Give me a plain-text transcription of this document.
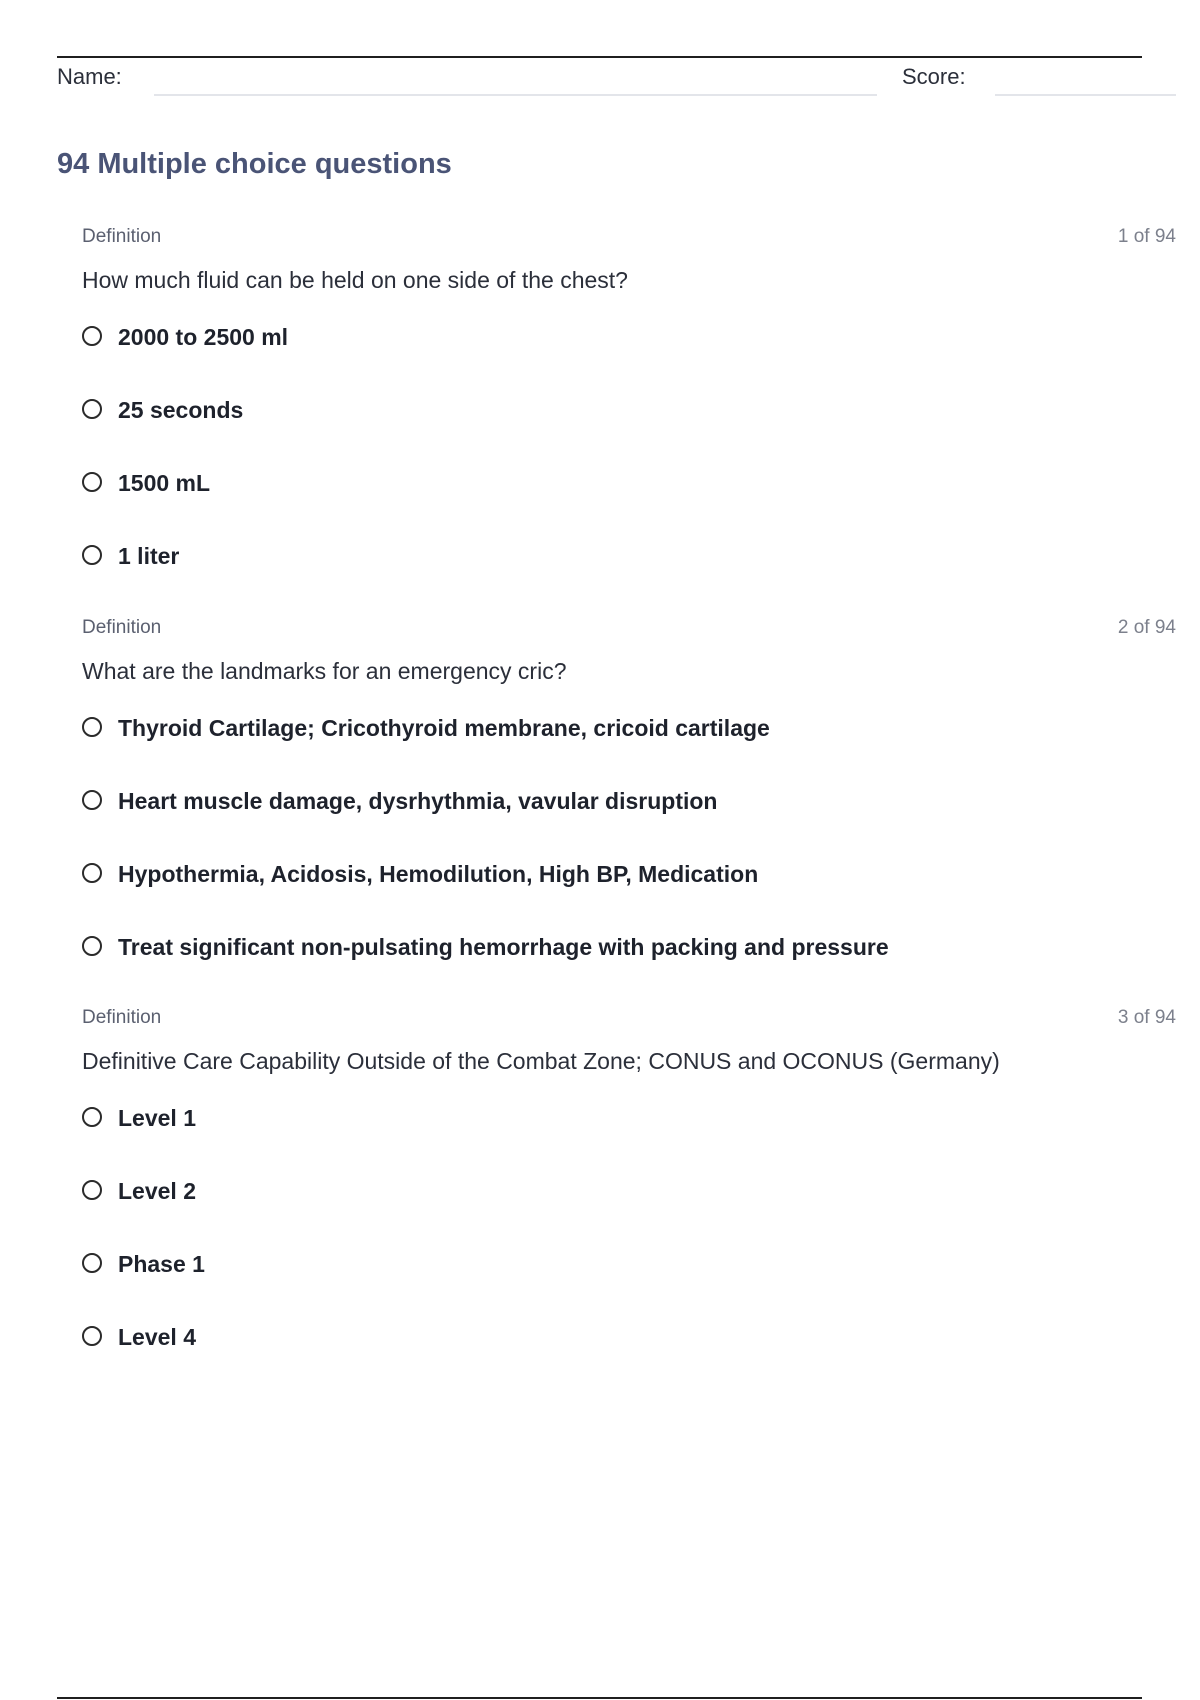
Name:	Score:
94 Multiple choice questions
Definition	1 of 94
How much fluid can be held on one side of the chest?
2000 to 2500 ml
25 seconds
1500 mL
1 liter
Definition	2 of 94
What are the landmarks for an emergency cric?
Thyroid Cartilage; Cricothyroid membrane, cricoid cartilage
Heart muscle damage, dysrhythmia, vavular disruption
Hypothermia, Acidosis, Hemodilution, High BP, Medication
Treat significant non-pulsating hemorrhage with packing and pressure
Definition	3 of 94
Definitive Care Capability Outside of the Combat Zone; CONUS and OCONUS (Germany)
Level 1
Level 2
Phase 1
Level 4
